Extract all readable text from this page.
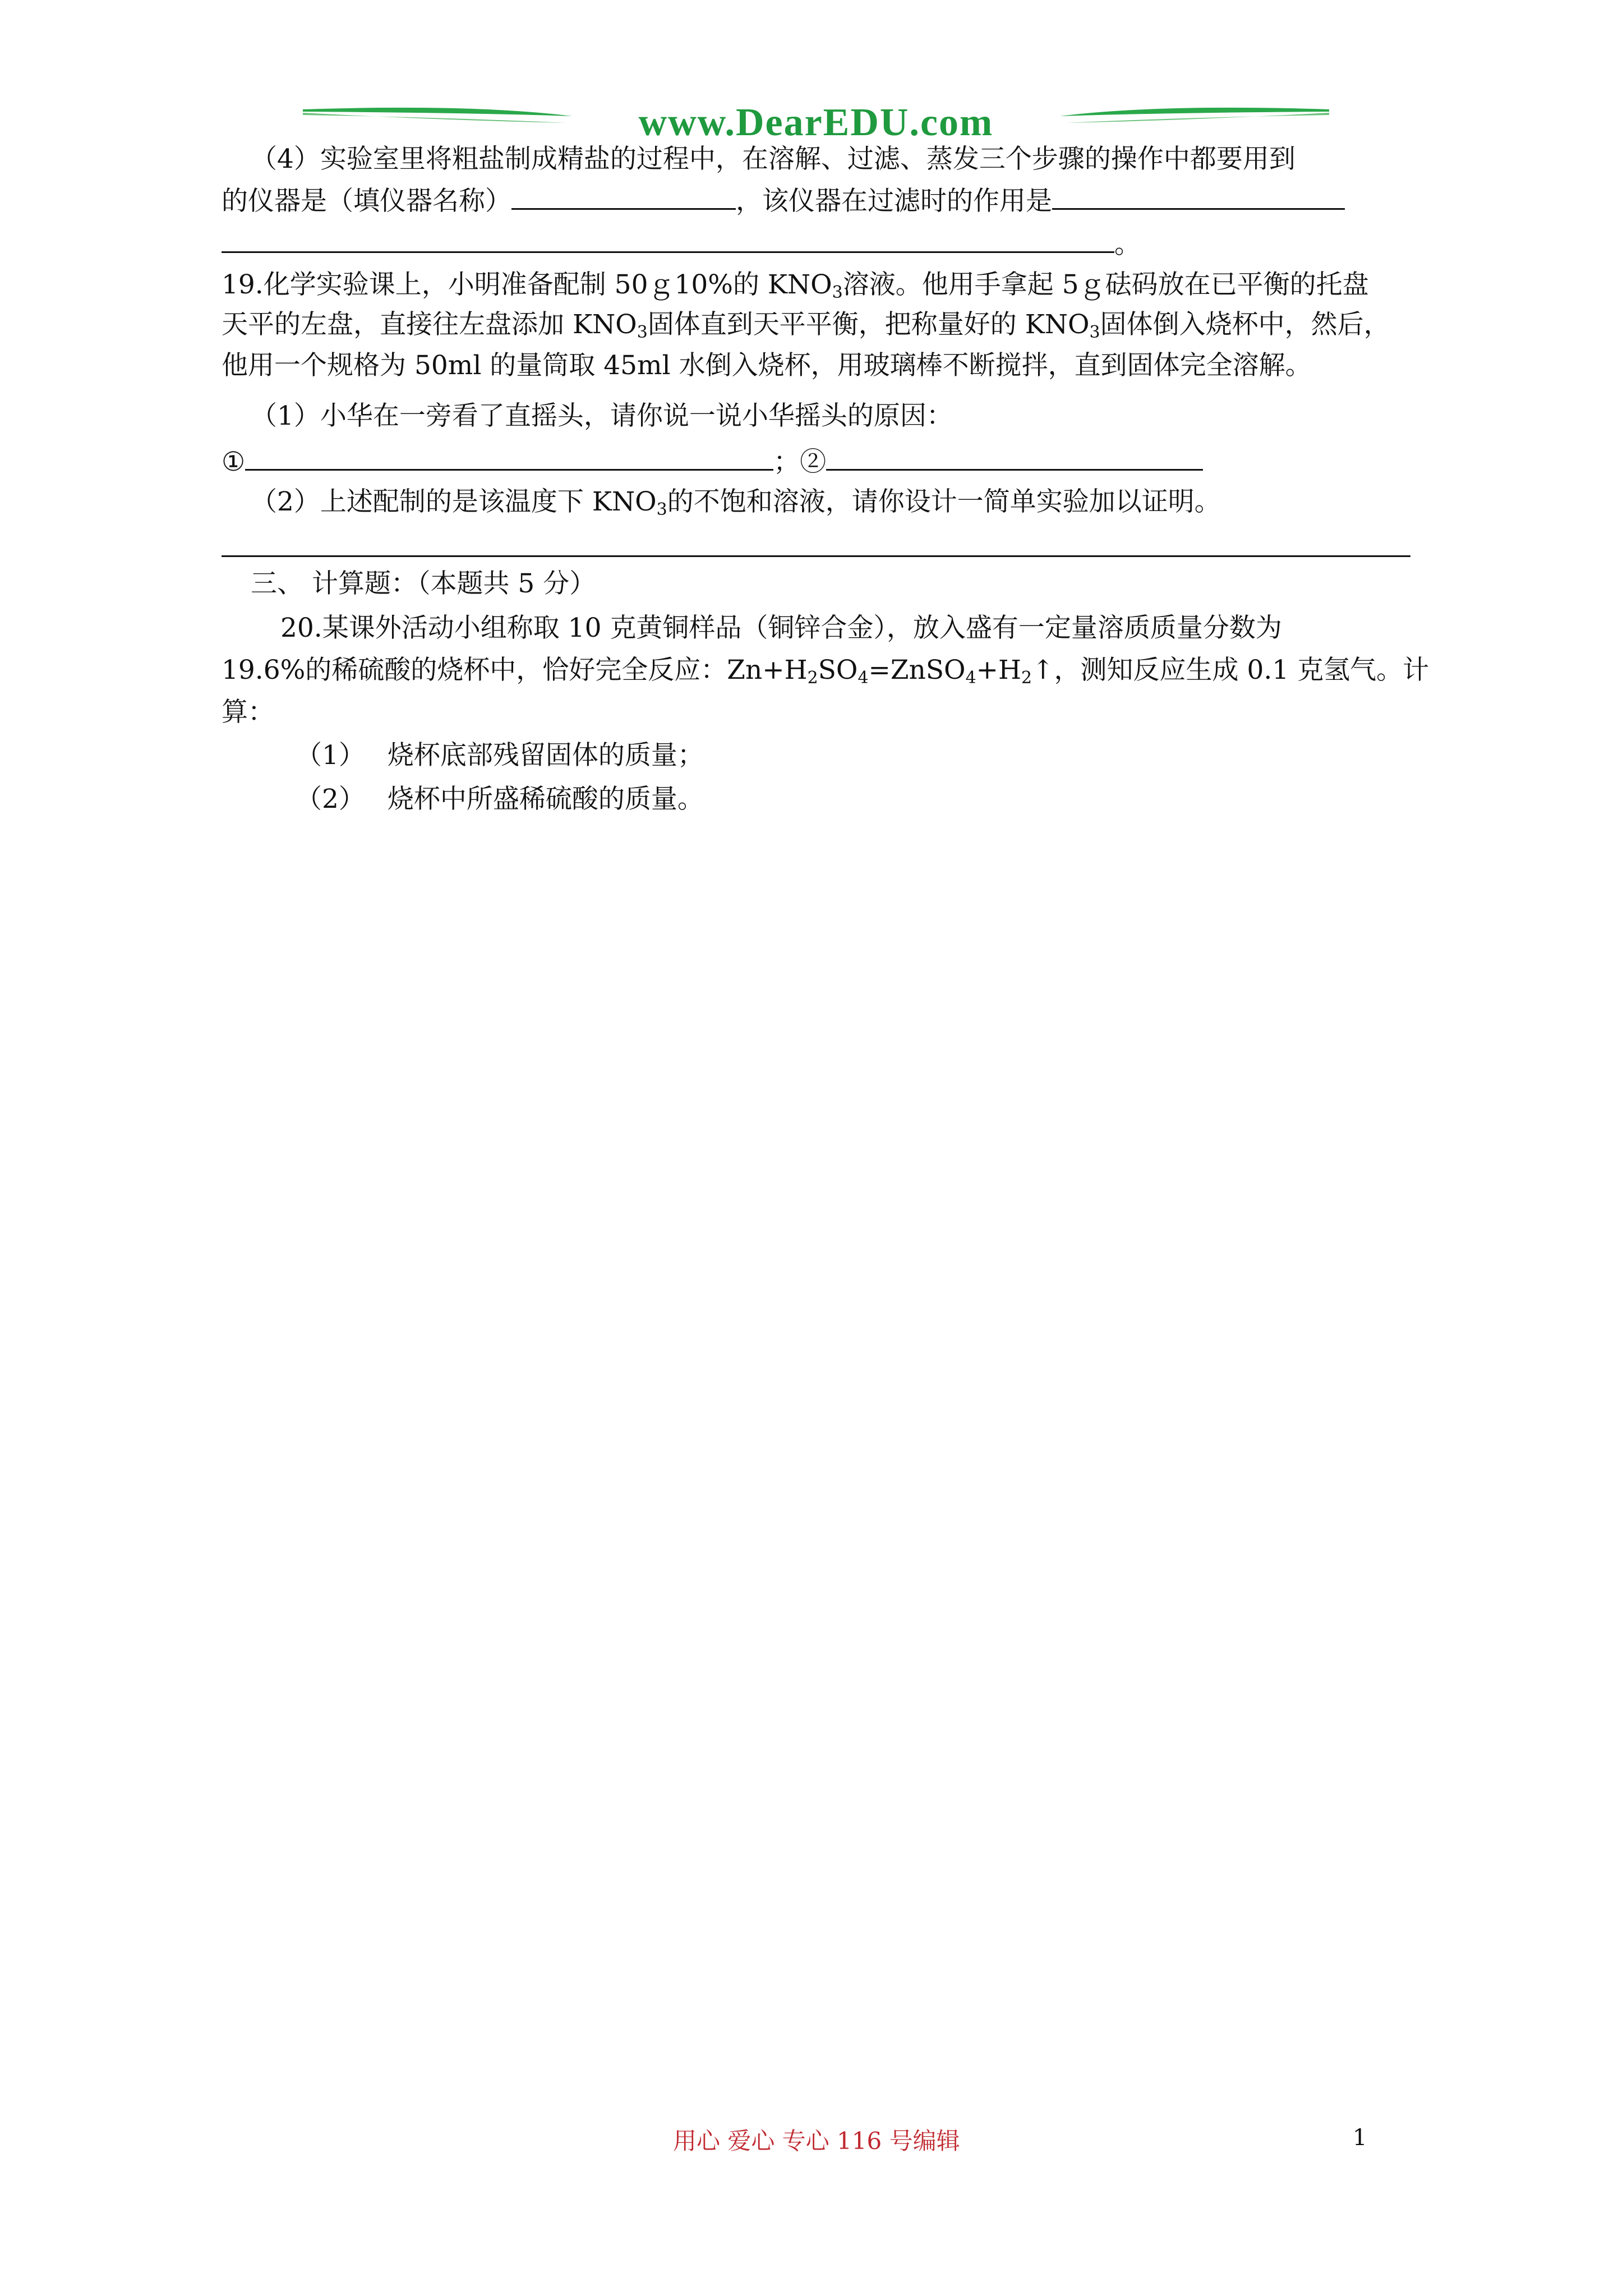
www.DearEDU.com
（4）实验室里将粗盐制成精盐的过程中，在溶解、过滤、蒸发三个步骤的操作中都要用到
的仪器是（填仪器名称）	，该仪器在过滤时的作用是
。
19.化学实验课上，小明准备配制 50ｇ10%的 $KNO_3$溶液。他用手拿起 5ｇ砝码放在已平衡的托盘
天平的左盘，直接往左盘添加 $KNO_3$固体直到天平平衡，把称量好的 $KNO_3$固体倒入烧杯中，然后，
他用一个规格为 50ml 的量筒取 45ml 水倒入烧杯，用玻璃棒不断搅拌，直到固体完全溶解。
（1）小华在一旁看了直摇头，请你说一说小华摇头的原因：
①	；②
（2）上述配制的是该温度下 $KNO_3$的不饱和溶液，请你设计一简单实验加以证明。
三、 计算题：（本题共 5 分）
20.某课外活动小组称取 10 克黄铜样品（铜锌合金），放入盛有一定量溶质质量分数为
19.6%的稀硫酸的烧杯中，恰好完全反应：$Zn+H_2SO_4=ZnSO_4+H_2↑$，测知反应生成 0.1 克氢气。计
算：
（1） 烧杯底部残留固体的质量；
（2） 烧杯中所盛稀硫酸的质量。
用心 爱心 专心 116 号编辑	1
